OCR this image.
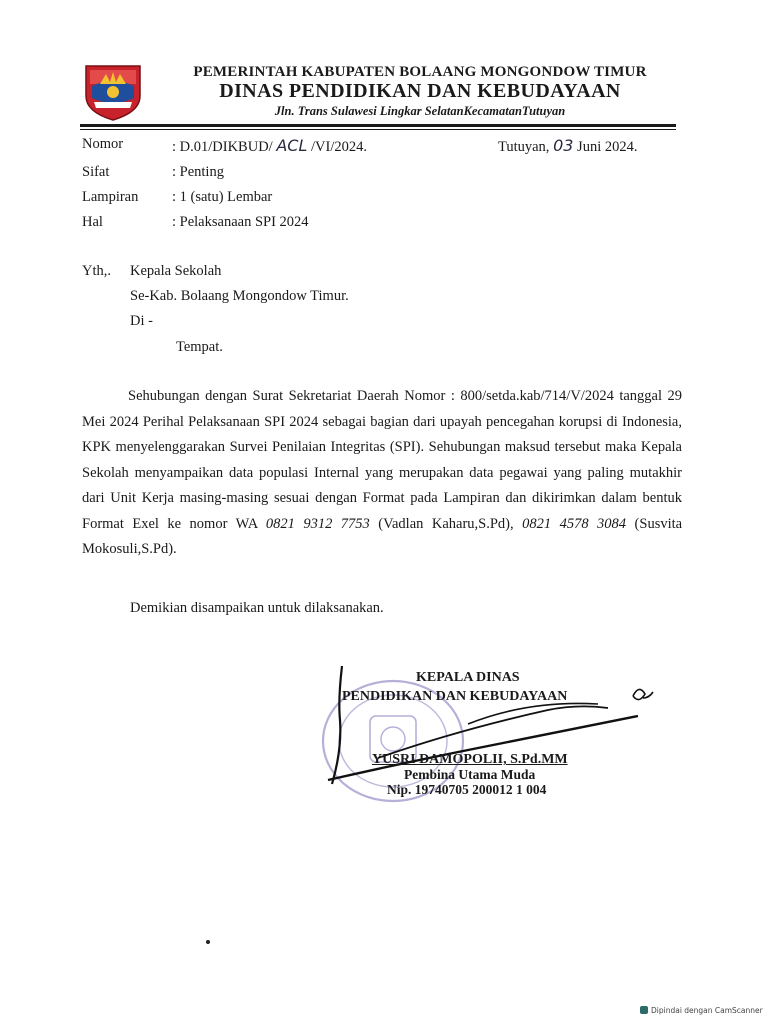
PEMERINTAH KABUPATEN BOLAANG MONGONDOW TIMUR
DINAS PENDIDIKAN DAN KEBUDAYAAN
Jln. Trans Sulawesi Lingkar SelatanKecamatanTutuyan
Nomor	: D.01/DIKBUD/ ACL /VI/2024.	Tutuyan, 03 Juni 2024.
Sifat	: Penting
Lampiran : 1 (satu) Lembar
Hal	: Pelaksanaan SPI 2024
Yth,. Kepala Sekolah
Se-Kab. Bolaang Mongondow Timur.
Di -
Tempat.
Sehubungan dengan Surat Sekretariat Daerah Nomor : 800/setda.kab/714/V/2024 tanggal 29 Mei 2024 Perihal Pelaksanaan SPI 2024 sebagai bagian dari upayah pencegahan korupsi di Indonesia, KPK menyelenggarakan Survei Penilaian Integritas (SPI). Sehubungan maksud tersebut maka Kepala Sekolah menyampaikan data populasi Internal yang merupakan data pegawai yang paling mutakhir dari Unit Kerja masing-masing sesuai dengan Format pada Lampiran dan dikirimkan dalam bentuk Format Exel ke nomor WA 0821 9312 7753 (Vadlan Kaharu,S.Pd), 0821 4578 3084 (Susvita Mokosuli,S.Pd).
Demikian disampaikan untuk dilaksanakan.
KEPALA DINAS
PENDIDIKAN DAN KEBUDAYAAN
YUSRI DAMOPOLII, S.Pd.MM
Pembina Utama Muda
Nip. 19740705 200012 1 004
Dipindai dengan CamScanner
